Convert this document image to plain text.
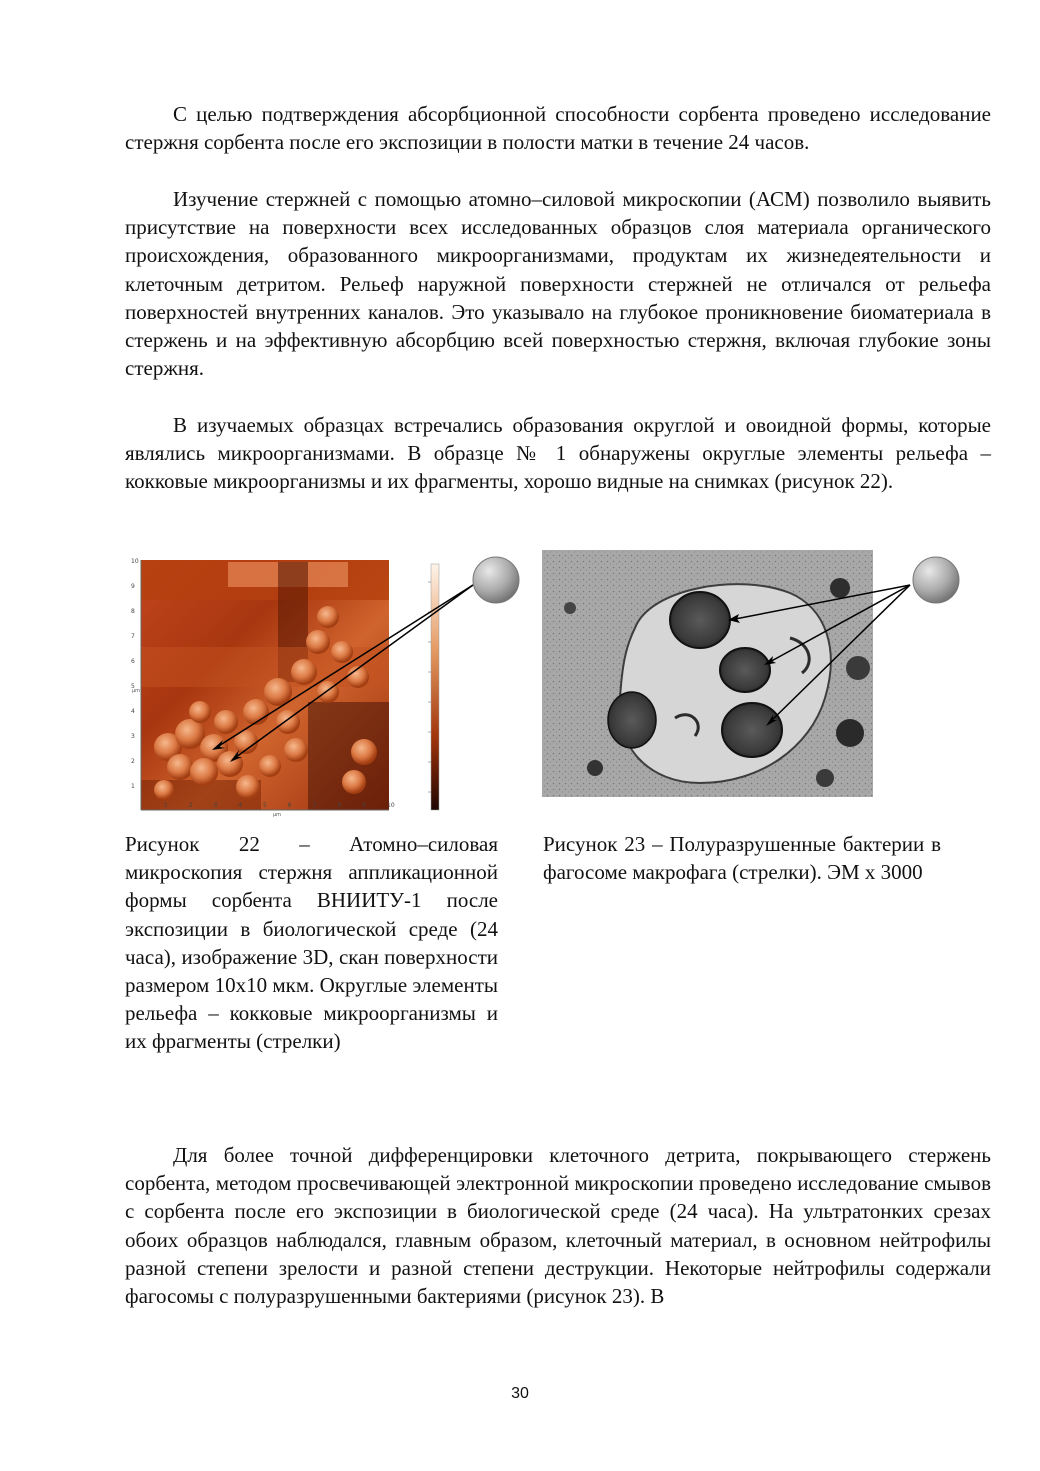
С целью подтверждения абсорбционной способности сорбента проведено исследование стержня сорбента после его экспозиции в полости матки в течение 24 часов.

Изучение стержней с помощью атомно–силовой микроскопии (АСМ) позволило выявить присутствие на поверхности всех исследованных образцов слоя материала органического происхождения, образованного микроорганизмами, продуктам их жизнедеятельности и клеточным детритом. Рельеф наружной поверхности стержней не отличался от рельефа поверхностей внутренних каналов. Это указывало на глубокое проникновение биоматериала в стержень и на эффективную абсорбцию всей поверхностью стержня, включая глубокие зоны стержня.

В изучаемых образцах встречались образования округлой и овоидной формы, которые являлись микроорганизмами. В образце № 1 обнаружены округлые элементы рельефа – кокковые микроорганизмы и их фрагменты, хорошо видные на снимках (рисунок 22).

1	2	3	4	5	6	7	8	9	10
10
9
8
7
6
5
4
3
2
1
µm
µm

Рисунок 22 – Атомно–силовая микроскопия стержня аппликационной формы сорбента ВНИИТУ-1 после экспозиции в биологической среде (24 часа), изображение 3D, скан поверхности размером 10х10 мкм. Округлые элементы рельефа – кокковые микроорганизмы и их фрагменты (стрелки)

Рисунок 23 – Полуразрушенные бактерии в фагосоме макрофага (стрелки). ЭМ х 3000

Для более точной дифференцировки клеточного детрита, покрывающего стержень сорбента, методом просвечивающей электронной микроскопии проведено исследование смывов с сорбента после его экспозиции в биологической среде (24 часа). На ультратонких срезах обоих образцов наблюдался, главным образом, клеточный материал, в основном нейтрофилы разной степени зрелости и разной степени деструкции. Некоторые нейтрофилы содержали фагосомы с полуразрушенными бактериями (рисунок 23). В

30
